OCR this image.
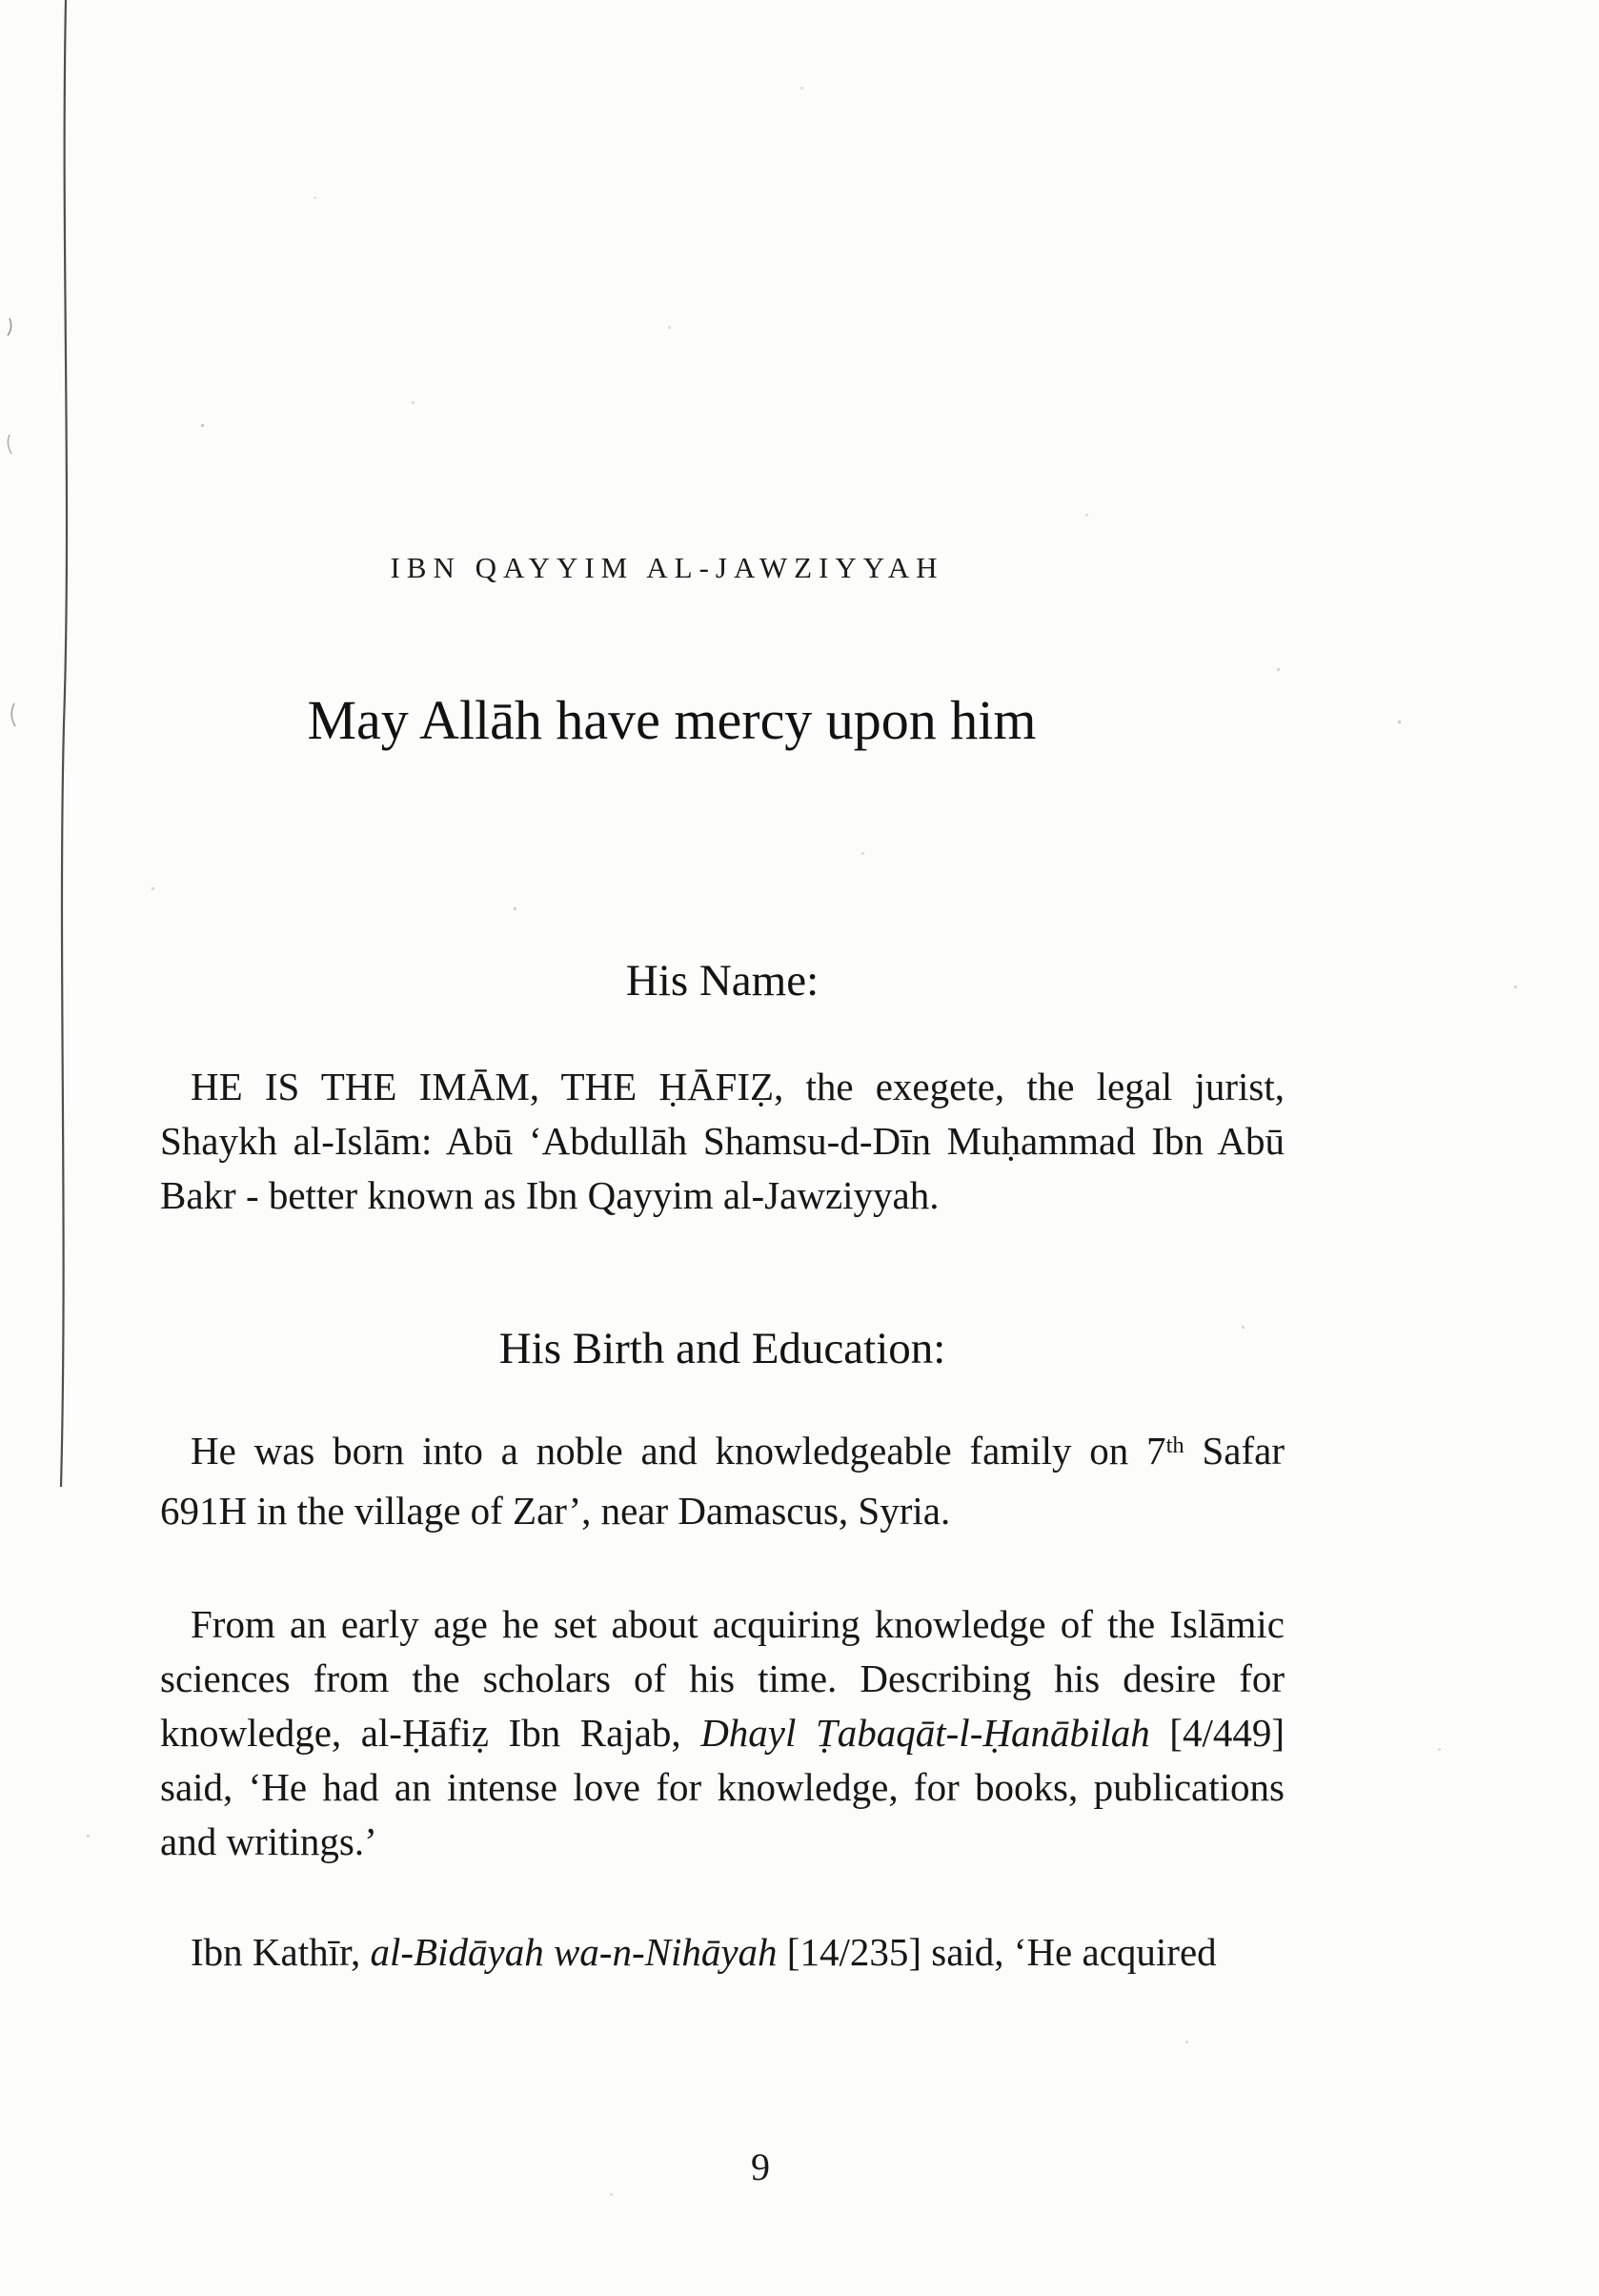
IBN QAYYIM AL-JAWZIYYAH
May Allāh have mercy upon him
His Name:

HE IS THE IMĀM, THE ḤĀFIẒ, the exegete, the legal jurist, Shaykh al-Islām: Abū ‘Abdullāh Shamsu-d-Dīn Muḥammad Ibn Abū Bakr - better known as Ibn Qayyim al-Jawziyyah.

His Birth and Education:

He was born into a noble and knowledgeable family on 7th Safar 691H in the village of Zar’, near Damascus, Syria.

From an early age he set about acquiring knowledge of the Islāmic sciences from the scholars of his time. Describing his desire for knowledge, al-Ḥāfiẓ Ibn Rajab, Dhayl Ṭabaqāt-l-Ḥanābilah [4/449] said, ‘He had an intense love for knowledge, for books, publications and writings.’

Ibn Kathīr, al-Bidāyah wa-n-Nihāyah [14/235] said, ‘He acquired

9
